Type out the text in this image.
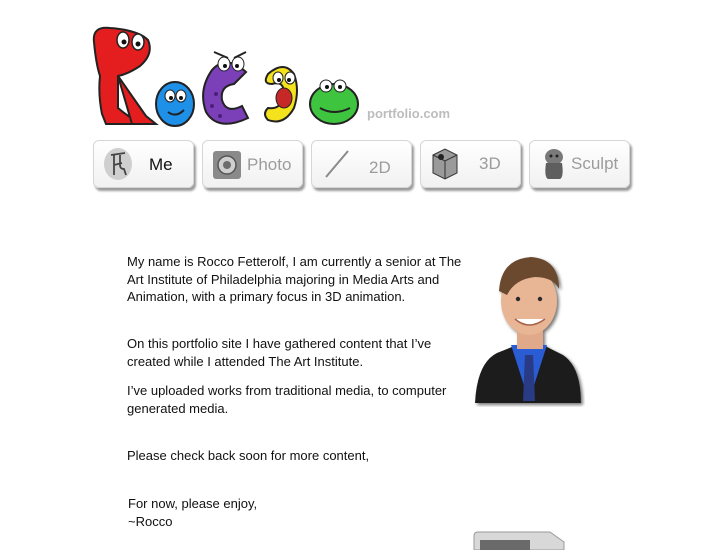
portfolio.com
Me	Photo	2D	3D	Sculpt

My name is Rocco Fetterolf, I am currently a senior at The Art Institute of Philadelphia majoring in Media Arts and Animation, with a primary focus in 3D animation.

On this portfolio site I have gathered content that I’ve created while I attended The Art Institute.

I’ve uploaded works from traditional media, to computer generated media.

Please check back soon for more content,

For now, please enjoy,

~Rocco
